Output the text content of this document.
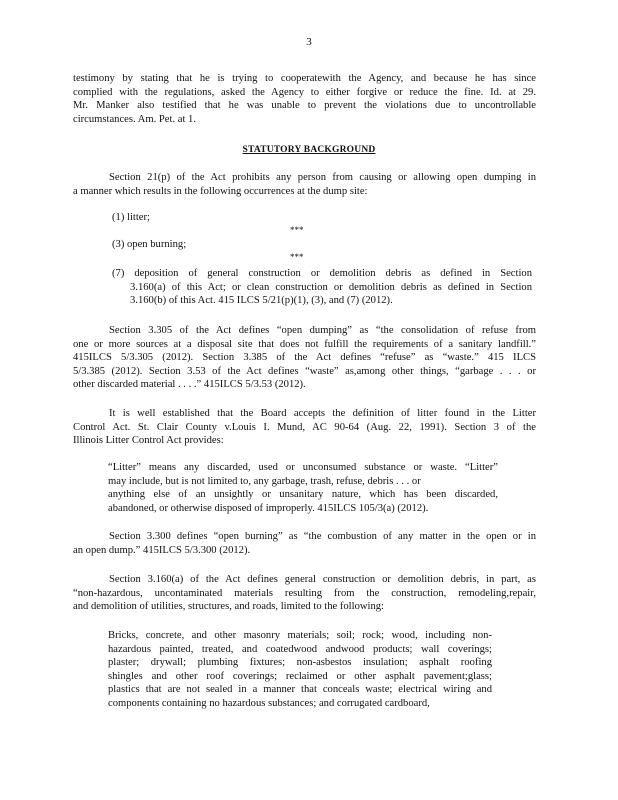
3
testimony by stating that he is trying to cooperatewith the Agency, and because he has since
complied with the regulations, asked the Agency to either forgive or reduce the fine. Id. at 29.
Mr. Manker also testified that he was unable to prevent the violations due to uncontrollable
circumstances. Am. Pet. at 1.
STATUTORY BACKGROUND
Section 21(p) of the Act prohibits any person from causing or allowing open dumping in
a manner which results in the following occurrences at the dump site:
(1) litter;
***
(3) open burning;
***
(7) deposition of general construction or demolition debris as defined in Section
3.160(a) of this Act; or clean construction or demolition debris as defined in Section
3.160(b) of this Act. 415 ILCS 5/21(p)(1), (3), and (7) (2012).
Section 3.305 of the Act defines “open dumping” as “the consolidation of refuse from
one or more sources at a disposal site that does not fulfill the requirements of a sanitary landfill.”
415ILCS 5/3.305 (2012). Section 3.385 of the Act defines “refuse” as “waste.” 415 ILCS
5/3.385 (2012). Section 3.53 of the Act defines “waste” as,among other things, “garbage . . . or
other discarded material . . . .” 415ILCS 5/3.53 (2012).
It is well established that the Board accepts the definition of litter found in the Litter
Control Act. St. Clair County v.Louis I. Mund, AC 90-64 (Aug. 22, 1991). Section 3 of the
Illinois Litter Control Act provides:
“Litter” means any discarded, used or unconsumed substance or waste. “Litter”
may include, but is not limited to, any garbage, trash, refuse, debris . . . or
anything else of an unsightly or unsanitary nature, which has been discarded,
abandoned, or otherwise disposed of improperly. 415ILCS 105/3(a) (2012).
Section 3.300 defines “open burning” as “the combustion of any matter in the open or in
an open dump.” 415ILCS 5/3.300 (2012).
Section 3.160(a) of the Act defines general construction or demolition debris, in part, as
“non-hazardous, uncontaminated materials resulting from the construction, remodeling,repair,
and demolition of utilities, structures, and roads, limited to the following:
Bricks, concrete, and other masonry materials; soil; rock; wood, including non-
hazardous painted, treated, and coatedwood andwood products; wall coverings;
plaster; drywall; plumbing fixtures; non-asbestos insulation; asphalt roofing
shingles and other roof coverings; reclaimed or other asphalt pavement;glass;
plastics that are not sealed in a manner that conceals waste; electrical wiring and
components containing no hazardous substances; and corrugated cardboard,
